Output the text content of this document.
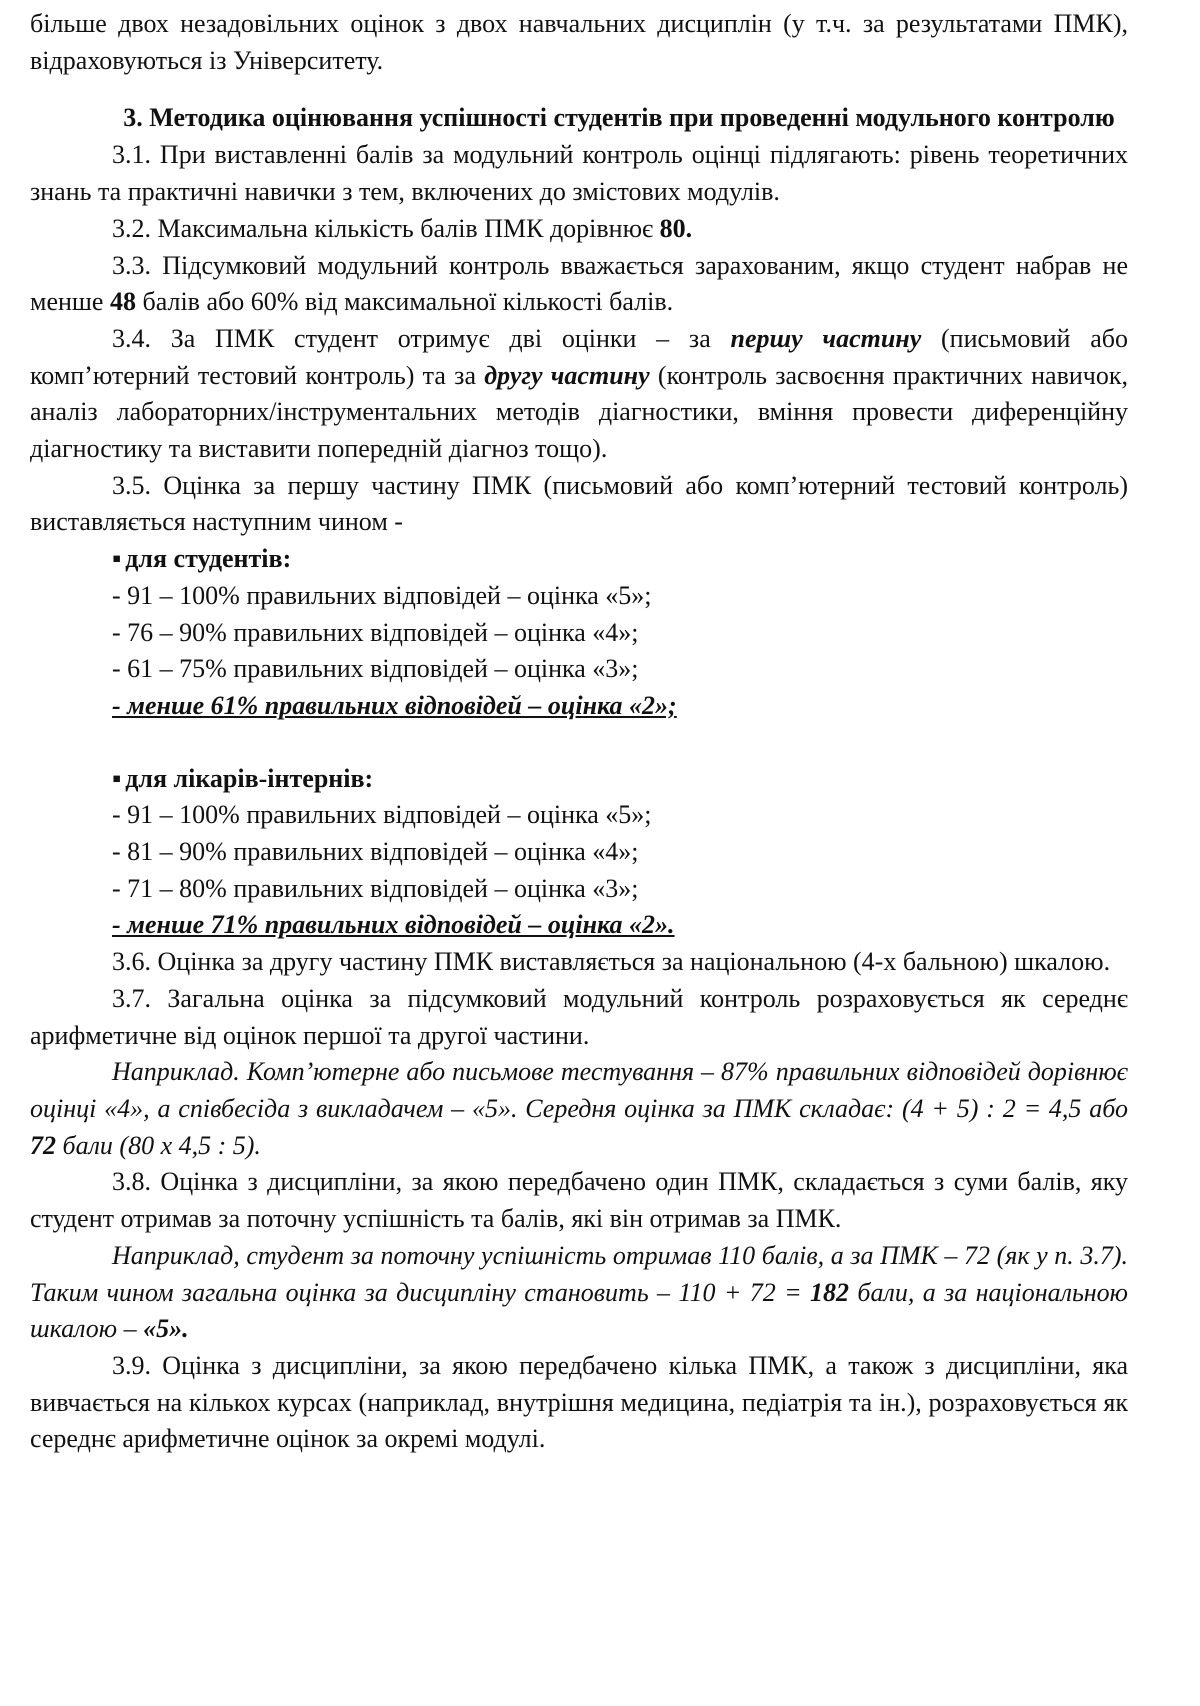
більше двох незадовільних оцінок з двох навчальних дисциплін (у т.ч. за результатами ПМК), відраховуються із Університету.

3. Методика оцінювання успішності студентів при проведенні модульного контролю

3.1. При виставленні балів за модульний контроль оцінці підлягають: рівень теоретичних знань та практичні навички з тем, включених до змістових модулів.

3.2. Максимальна кількість балів ПМК дорівнює 80.

3.3. Підсумковий модульний контроль вважається зарахованим, якщо студент набрав не менше 48 балів або 60% від максимальної кількості балів.

3.4. За ПМК студент отримує дві оцінки – за першу частину (письмовий або комп’ютерний тестовий контроль) та за другу частину (контроль засвоєння практичних навичок, аналіз лабораторних/інструментальних методів діагностики, вміння провести диференційну діагностику та виставити попередній діагноз тощо).

3.5. Оцінка за першу частину ПМК (письмовий або комп’ютерний тестовий контроль) виставляється наступним чином -

▪ для студентів:

- 91 – 100% правильних відповідей – оцінка «5»;

- 76 – 90% правильних відповідей – оцінка «4»;

- 61 – 75% правильних відповідей – оцінка «3»;

- менше 61% правильних відповідей – оцінка «2»;

▪ для лікарів-інтернів:

- 91 – 100% правильних відповідей – оцінка «5»;

- 81 – 90% правильних відповідей – оцінка «4»;

- 71 – 80% правильних відповідей – оцінка «3»;

- менше 71% правильних відповідей – оцінка «2».

3.6. Оцінка за другу частину ПМК виставляється за національною (4-х бальною) шкалою.

3.7. Загальна оцінка за підсумковий модульний контроль розраховується як середнє арифметичне від оцінок першої та другої частини.

Наприклад. Комп’ютерне або письмове тестування – 87% правильних відповідей дорівнює оцінці «4», а співбесіда з викладачем – «5». Середня оцінка за ПМК складає: (4 + 5) : 2 = 4,5 або 72 бали (80 х 4,5 : 5).

3.8. Оцінка з дисципліни, за якою передбачено один ПМК, складається з суми балів, яку студент отримав за поточну успішність та балів, які він отримав за ПМК.

Наприклад, студент за поточну успішність отримав 110 балів, а за ПМК – 72 (як у п. 3.7). Таким чином загальна оцінка за дисципліну становить – 110 + 72 = 182 бали, а за національною шкалою – «5».

3.9. Оцінка з дисципліни, за якою передбачено кілька ПМК, а також з дисципліни, яка вивчається на кількох курсах (наприклад, внутрішня медицина, педіатрія та ін.), розраховується як середнє арифметичне оцінок за окремі модулі.
